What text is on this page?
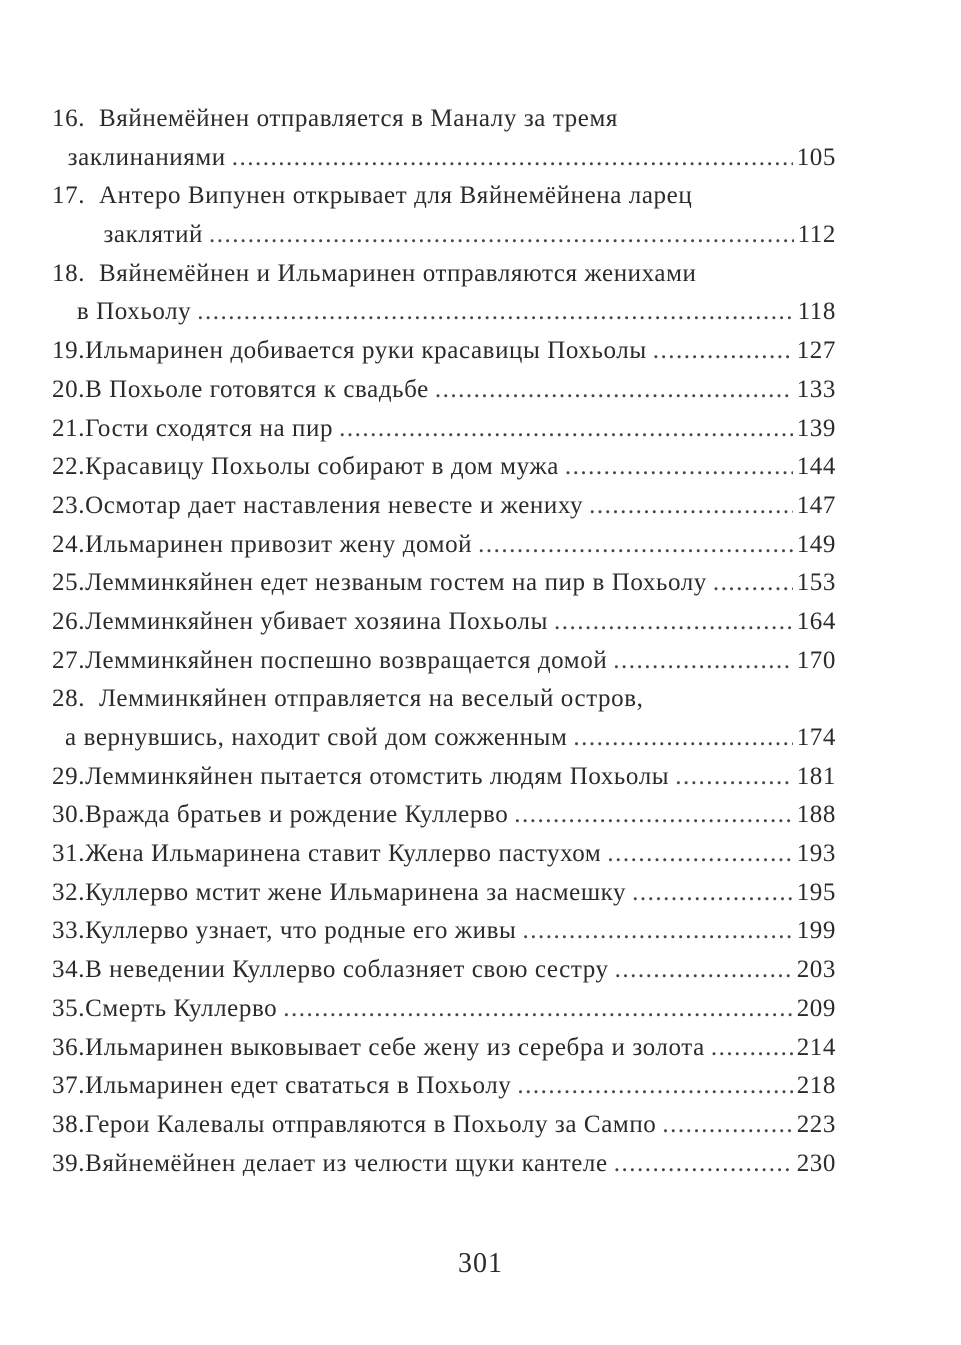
16. Вяйнемёйнен отправляется в Маналу за тремя
заклинаниями .....	105
17. Антеро Випунен открывает для Вяйнемёйнена ларец
заклятий .....	112
18. Вяйнемёйнен и Ильмаринен отправляются женихами
в Похьолу .....	118
19. Ильмаринен добивается руки красавицы Похьолы .....	127
20. В Похьоле готовятся к свадьбе .....	133
21. Гости сходятся на пир .....	139
22. Красавицу Похьолы собирают в дом мужа .....	144
23. Осмотар дает наставления невесте и жениху .....	147
24. Ильмаринен привозит жену домой .....	149
25. Лемминкяйнен едет незваным гостем на пир в Похьолу .....	153
26. Лемминкяйнен убивает хозяина Похьолы .....	164
27. Лемминкяйнен поспешно возвращается домой .....	170
28. Лемминкяйнен отправляется на веселый остров,
а вернувшись, находит свой дом сожженным .....	174
29. Лемминкяйнен пытается отомстить людям Похьолы .....	181
30. Вражда братьев и рождение Куллерво .....	188
31. Жена Ильмаринена ставит Куллерво пастухом .....	193
32. Куллерво мстит жене Ильмаринена за насмешку .....	195
33. Куллерво узнает, что родные его живы .....	199
34. В неведении Куллерво соблазняет свою сестру .....	203
35. Смерть Куллерво .....	209
36. Ильмаринен выковывает себе жену из серебра и золота .....	214
37. Ильмаринен едет свататься в Похьолу .....	218
38. Герои Калевалы отправляются в Похьолу за Сампо .....	223
39. Вяйнемёйнен делает из челюсти щуки кантеле .....	230
301
